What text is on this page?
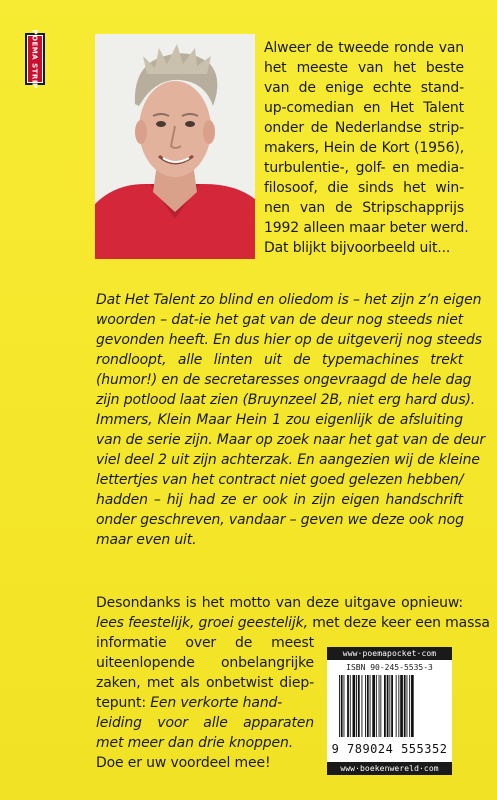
POEMA STRIP	Alweer de tweede ronde van
het meeste van het beste
van de enige echte stand-
up-comedian en Het Talent
onder de Nederlandse strip-
makers, Hein de Kort (1956),
turbulentie-, golf- en media-
filosoof, die sinds het win-
nen van de Stripschapprijs
1992 alleen maar beter werd.
Dat blijkt bijvoorbeeld uit...
Dat Het Talent zo blind en oliedom is – het zijn z’n eigen
woorden – dat-ie het gat van de deur nog steeds niet
gevonden heeft. En dus hier op de uitgeverij nog steeds
rondloopt, alle linten uit de typemachines trekt
(humor!) en de secretaresses ongevraagd de hele dag
zijn potlood laat zien (Bruynzeel 2B, niet erg hard dus).
Immers, Klein Maar Hein 1 zou eigenlijk de afsluiting
van de serie zijn. Maar op zoek naar het gat van de deur
viel deel 2 uit zijn achterzak. En aangezien wij de kleine
lettertjes van het contract niet goed gelezen hebben/
hadden – hij had ze er ook in zijn eigen handschrift
onder geschreven, vandaar – geven we deze ook nog
maar even uit.
Desondanks is het motto van deze uitgave opnieuw:
lees feestelijk, groei geestelijk, met deze keer een massa
informatie over de meest
uiteenlopende onbelangrijke
zaken, met als onbetwist diep-
tepunt: Een verkorte hand-
leiding voor alle apparaten
met meer dan drie knoppen.
Doe er uw voordeel mee!
www·poemapocket·com
ISBN 90-245-5535-3
9 789024 555352
www·boekenwereld·com
